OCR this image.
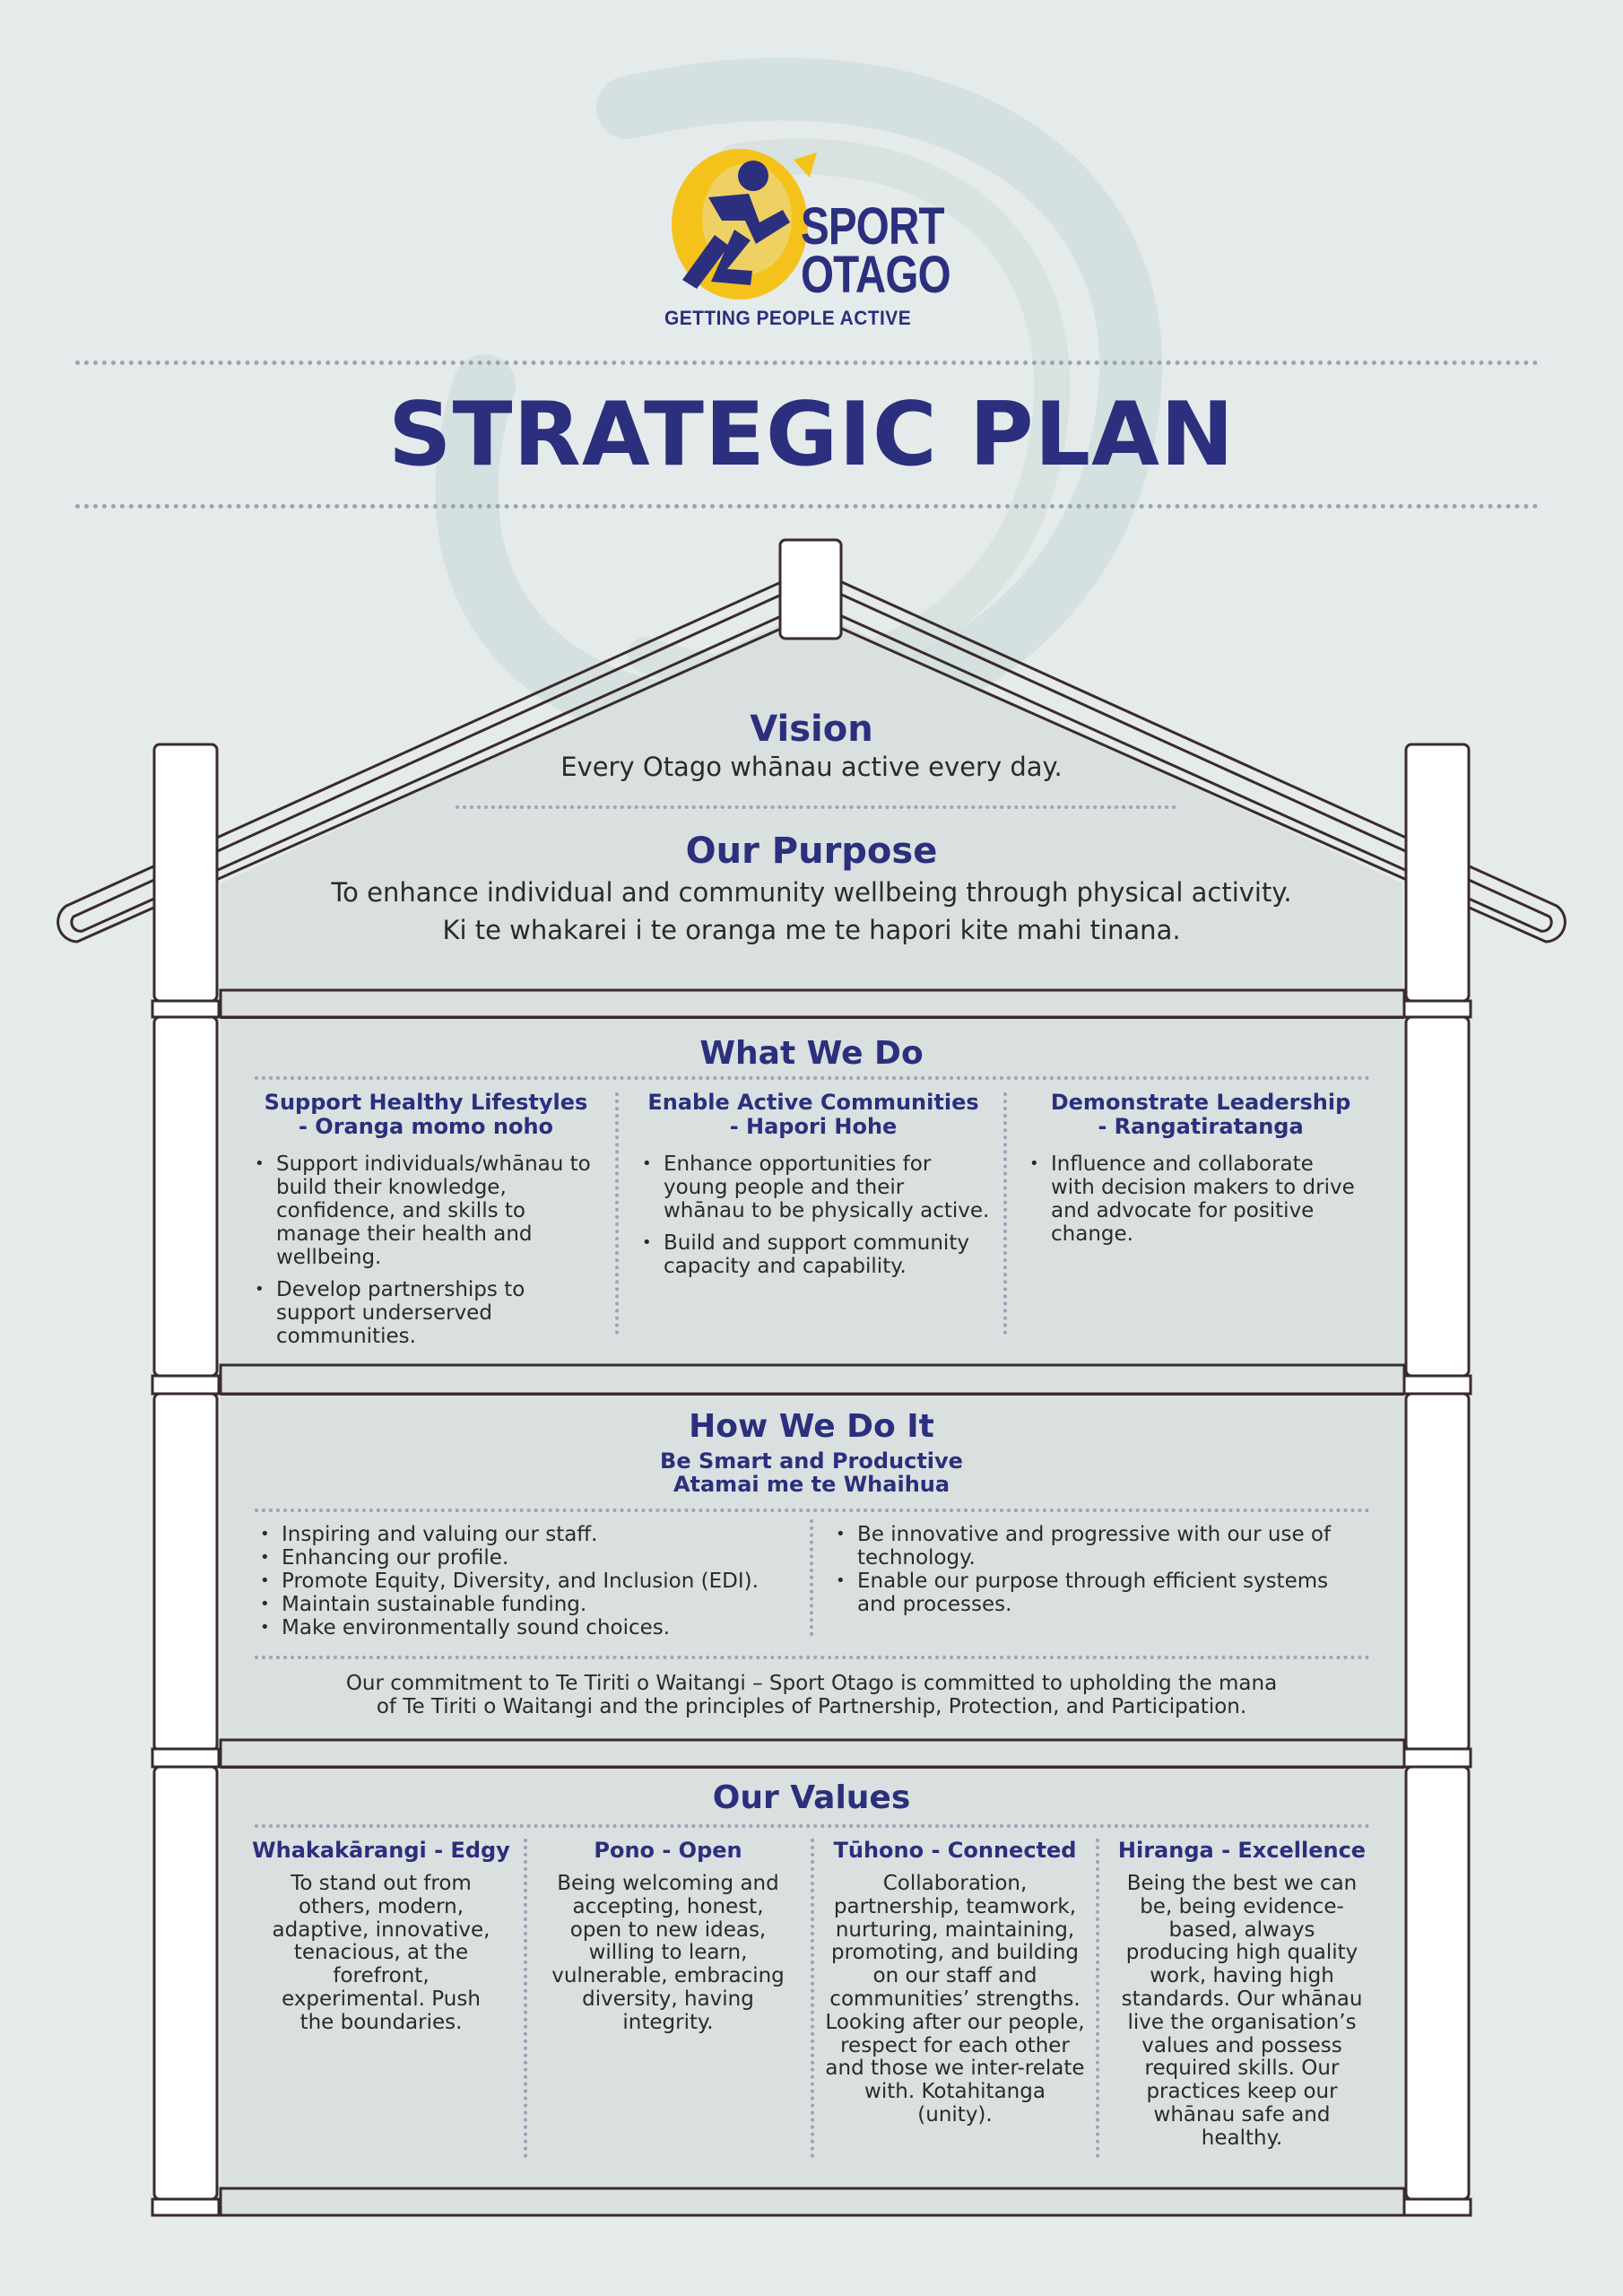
SPORT
OTAGO
GETTING PEOPLE ACTIVE
STRATEGIC PLAN
Vision
Every Otago whānau active every day.
Our Purpose
To enhance individual and community wellbeing through physical activity.
Ki te whakarei i te oranga me te hapori kite mahi tinana.
What We Do
Support Healthy Lifestyles
- Oranga momo noho
• Support individuals/whānau to build their knowledge, confidence, and skills to manage their health and wellbeing.
• Develop partnerships to support underserved communities.
Enable Active Communities
- Hapori Hohe
• Enhance opportunities for young people and their whānau to be physically active.
• Build and support community capacity and capability.
Demonstrate Leadership
- Rangatiratanga
• Influence and collaborate with decision makers to drive and advocate for positive change.
How We Do It
Be Smart and Productive
Atamai me te Whaihua
• Inspiring and valuing our staff.
• Enhancing our profile.
• Promote Equity, Diversity, and Inclusion (EDI).
• Maintain sustainable funding.
• Make environmentally sound choices.
• Be innovative and progressive with our use of technology.
• Enable our purpose through efficient systems and processes.
Our commitment to Te Tiriti o Waitangi – Sport Otago is committed to upholding the mana
of Te Tiriti o Waitangi and the principles of Partnership, Protection, and Participation.
Our Values
Whakakārangi - Edgy
To stand out from others, modern, adaptive, innovative, tenacious, at the forefront, experimental. Push the boundaries.
Pono - Open
Being welcoming and accepting, honest, open to new ideas, willing to learn, vulnerable, embracing diversity, having integrity.
Tūhono - Connected
Collaboration, partnership, teamwork, nurturing, maintaining, promoting, and building on our staff and communities’ strengths. Looking after our people, respect for each other and those we inter-relate with. Kotahitanga (unity).
Hiranga - Excellence
Being the best we can be, being evidence-based, always producing high quality work, having high standards. Our whānau live the organisation’s values and possess required skills. Our practices keep our whānau safe and healthy.
